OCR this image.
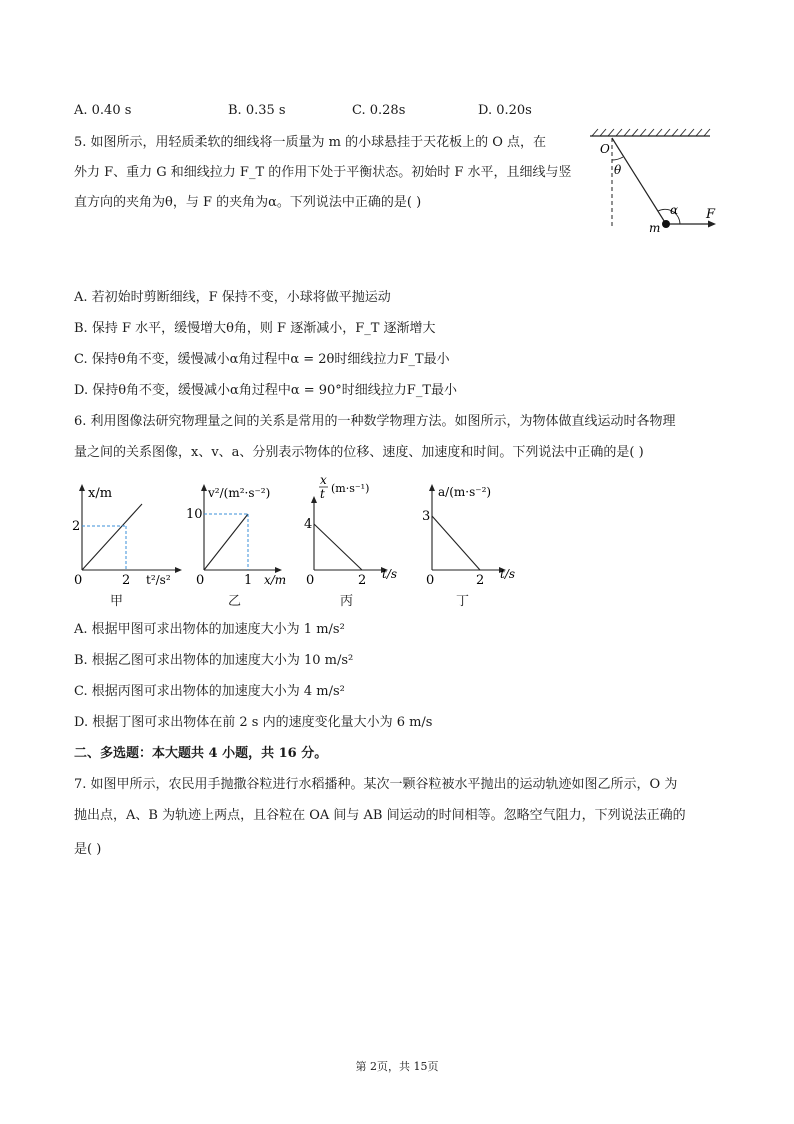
A. 0.40 s	B. 0.35 s	C. 0.28s	D. 0.20s
5. 如图所示，用轻质柔软的细线将一质量为 m 的小球悬挂于天花板上的 O 点，在
外力 F、重力 G 和细线拉力 F_T 的作用下处于平衡状态。初始时 F 水平，且细线与竖
直方向的夹角为θ，与 F 的夹角为α。下列说法中正确的是( )
O
θ
α F
m
A. 若初始时剪断细线，F 保持不变，小球将做平抛运动
B. 保持 F 水平，缓慢增大θ角，则 F 逐渐减小，F_T 逐渐增大
C. 保持θ角不变，缓慢减小α角过程中α = 2θ时细线拉力F_T最小
D. 保持θ角不变，缓慢减小α角过程中α = 90°时细线拉力F_T最小
6. 利用图像法研究物理量之间的关系是常用的一种数学物理方法。如图所示，为物体做直线运动时各物理
量之间的关系图像，x、v、a、分别表示物体的位移、速度、加速度和时间。下列说法中正确的是( )
x/m
2
0	2 t²/s²
甲
v²/(m²·s⁻²)
10
0	1 x/m
乙
x
t (m·s⁻¹)
4
0	2 t/s
丙
a/(m·s⁻²)
3
0	2 t/s
丁
A. 根据甲图可求出物体的加速度大小为 1 m/s²
B. 根据乙图可求出物体的加速度大小为 10 m/s²
C. 根据丙图可求出物体的加速度大小为 4 m/s²
D. 根据丁图可求出物体在前 2 s 内的速度变化量大小为 6 m/s
二、多选题：本大题共 4 小题，共 16 分。
7. 如图甲所示，农民用手抛撒谷粒进行水稻播种。某次一颗谷粒被水平抛出的运动轨迹如图乙所示，O 为
抛出点，A、B 为轨迹上两点，且谷粒在 OA 间与 AB 间运动的时间相等。忽略空气阻力，下列说法正确的
是( )
第 2页，共 15页
